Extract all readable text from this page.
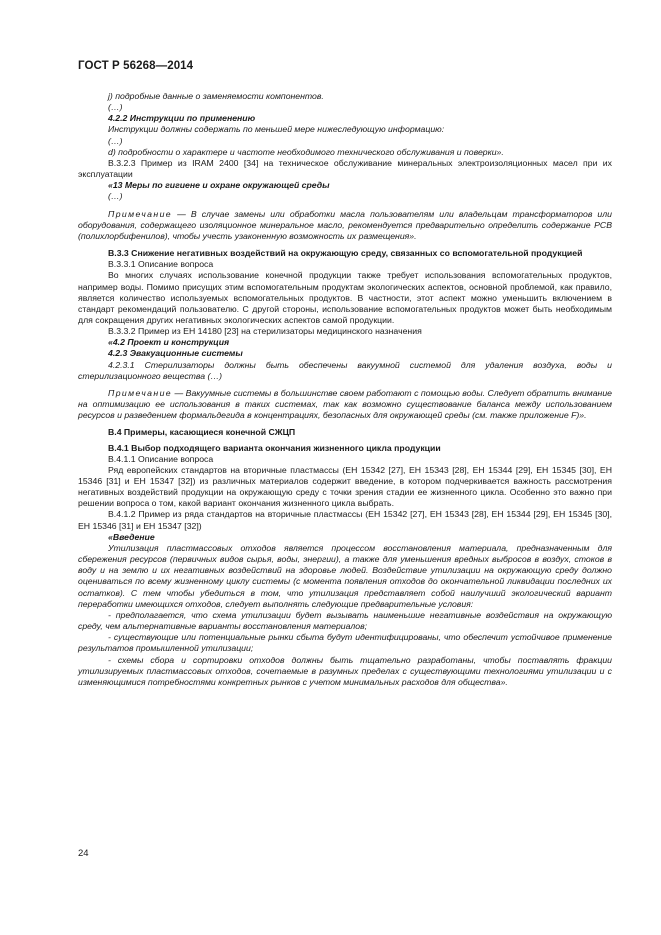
ГОСТ Р 56268—2014

j) подробные данные о заменяемости компонентов.

(…)

4.2.2 Инструкции по применению

Инструкции должны содержать по меньшей мере нижеследующую информацию:

(…)

d) подробности о характере и частоте необходимого технического обслуживания и поверки».

В.3.2.3 Пример из IRAM 2400 [34] на техническое обслуживание минеральных электроизоляционных масел при их эксплуатации

«13 Меры по гигиене и охране окружающей среды

(…)

Примечание — В случае замены или обработки масла пользователям или владельцам трансформаторов или оборудования, содержащего изоляционное минеральное масло, рекомендуется предварительно определить содержание PCB (полихлорбифенилов), чтобы учесть узаконенную возможность их размещения».

В.3.3 Снижение негативных воздействий на окружающую среду, связанных со вспомогательной продукцией

В.3.3.1 Описание вопроса

Во многих случаях использование конечной продукции также требует использования вспомогательных продуктов, например воды. Помимо присущих этим вспомогательным продуктам экологических аспектов, основной проблемой, как правило, является количество используемых вспомогательных продуктов. В частности, этот аспект можно уменьшить включением в стандарт рекомендаций пользователю. С другой стороны, использование вспомогательных продуктов может быть необходимым для сокращения других негативных экологических аспектов самой продукции.

В.3.3.2 Пример из ЕН 14180 [23] на стерилизаторы медицинского назначения

«4.2 Проект и конструкция

4.2.3 Эвакуационные системы

4.2.3.1 Стерилизаторы должны быть обеспечены вакуумной системой для удаления воздуха, воды и стерилизационного вещества (…)

Примечание — Вакуумные системы в большинстве своем работают с помощью воды. Следует обратить внимание на оптимизацию ее использования в таких системах, так как возможно существование баланса между использованием ресурсов и разведением формальдегида в концентрациях, безопасных для окружающей среды (см. также приложение F)».

В.4 Примеры, касающиеся конечной СЖЦП

В.4.1 Выбор подходящего варианта окончания жизненного цикла продукции

В.4.1.1 Описание вопроса

Ряд европейских стандартов на вторичные пластмассы (ЕН 15342 [27], ЕН 15343 [28], ЕН 15344 [29], ЕН 15345 [30], ЕН 15346 [31] и ЕН 15347 [32]) из различных материалов содержит введение, в котором подчеркивается важность рассмотрения негативных воздействий продукции на окружающую среду с точки зрения стадии ее жизненного цикла. Особенно это важно при решении вопроса о том, какой вариант окончания жизненного цикла выбрать.

В.4.1.2 Пример из ряда стандартов на вторичные пластмассы (ЕН 15342 [27], ЕН 15343 [28], ЕН 15344 [29], ЕН 15345 [30], ЕН 15346 [31] и ЕН 15347 [32])

«Введение

Утилизация пластмассовых отходов является процессом восстановления материала, предназначенным для сбережения ресурсов (первичных видов сырья, воды, энергии), а также для уменьшения вредных выбросов в воздух, стоков в воду и на землю и их негативных воздействий на здоровье людей. Воздействие утилизации на окружающую среду должно оцениваться по всему жизненному циклу системы (с момента появления отходов до окончательной ликвидации последних их остатков). С тем чтобы убедиться в том, что утилизация представляет собой наилучший экологический вариант переработки имеющихся отходов, следует выполнять следующие предварительные условия:

- предполагается, что схема утилизации будет вызывать наименьшие негативные воздействия на окружающую среду, чем альтернативные варианты восстановления материалов;

- существующие или потенциальные рынки сбыта будут идентифицированы, что обеспечит устойчивое применение результатов промышленной утилизации;

- схемы сбора и сортировки отходов должны быть тщательно разработаны, чтобы поставлять фракции утилизируемых пластмассовых отходов, сочетаемые в разумных пределах с существующими технологиями утилизации и с изменяющимися потребностями конкретных рынков с учетом минимальных расходов для общества».

24
